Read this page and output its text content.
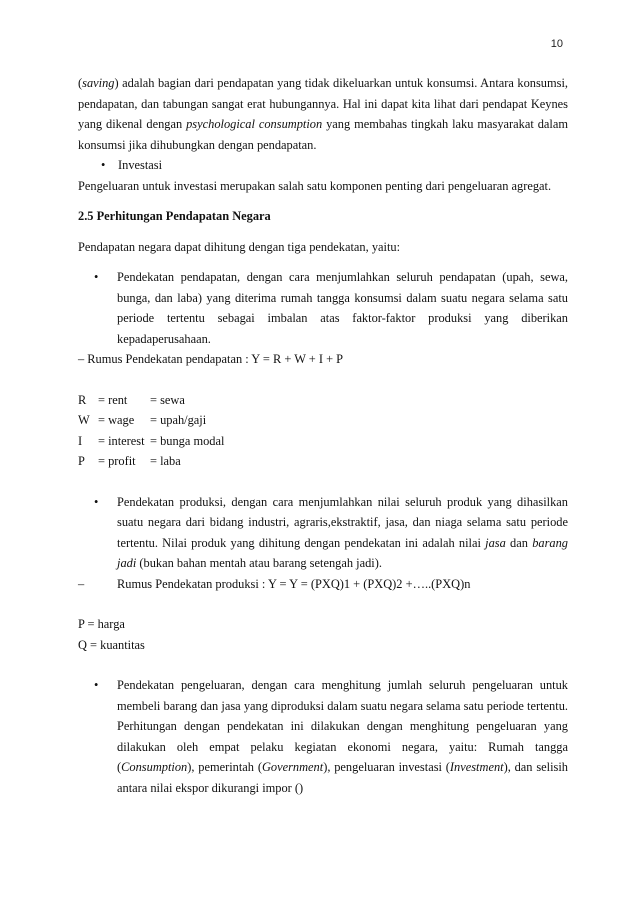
10

(saving) adalah bagian dari pendapatan yang tidak dikeluarkan untuk konsumsi. Antara konsumsi, pendapatan, dan tabungan sangat erat hubungannya. Hal ini dapat kita lihat dari pendapat Keynes yang dikenal dengan psychological consumption yang membahas tingkah laku masyarakat dalam konsumsi jika dihubungkan dengan pendapatan.

• Investasi

Pengeluaran untuk investasi merupakan salah satu komponen penting dari pengeluaran agregat.

2.5 Perhitungan Pendapatan Negara

Pendapatan negara dapat dihitung dengan tiga pendekatan, yaitu:

• Pendekatan pendapatan, dengan cara menjumlahkan seluruh pendapatan (upah, sewa, bunga, dan laba) yang diterima rumah tangga konsumsi dalam suatu negara selama satu periode tertentu sebagai imbalan atas faktor-faktor produksi yang diberikan kepadaperusahaan.

– Rumus Pendekatan pendapatan : Y = R + W + I + P

R = rent	= sewa
W = wage	= upah/gaji
I	= interest = bunga modal
P	= profit	= laba
• Pendekatan produksi, dengan cara menjumlahkan nilai seluruh produk yang dihasilkan suatu negara dari bidang industri, agraris,ekstraktif, jasa, dan niaga selama satu periode tertentu. Nilai produk yang dihitung dengan pendekatan ini adalah nilai jasa dan barang jadi (bukan bahan mentah atau barang setengah jadi).
–	Rumus Pendekatan produksi : Y = Y = (PXQ)1 + (PXQ)2 +…..(PXQ)n

P = harga

Q = kuantitas

• Pendekatan pengeluaran, dengan cara menghitung jumlah seluruh pengeluaran untuk membeli barang dan jasa yang diproduksi dalam suatu negara selama satu periode tertentu. Perhitungan dengan pendekatan ini dilakukan dengan menghitung pengeluaran yang dilakukan oleh empat pelaku kegiatan ekonomi negara, yaitu: Rumah tangga (Consumption), pemerintah (Government), pengeluaran investasi (Investment), dan selisih antara nilai ekspor dikurangi impor ()
